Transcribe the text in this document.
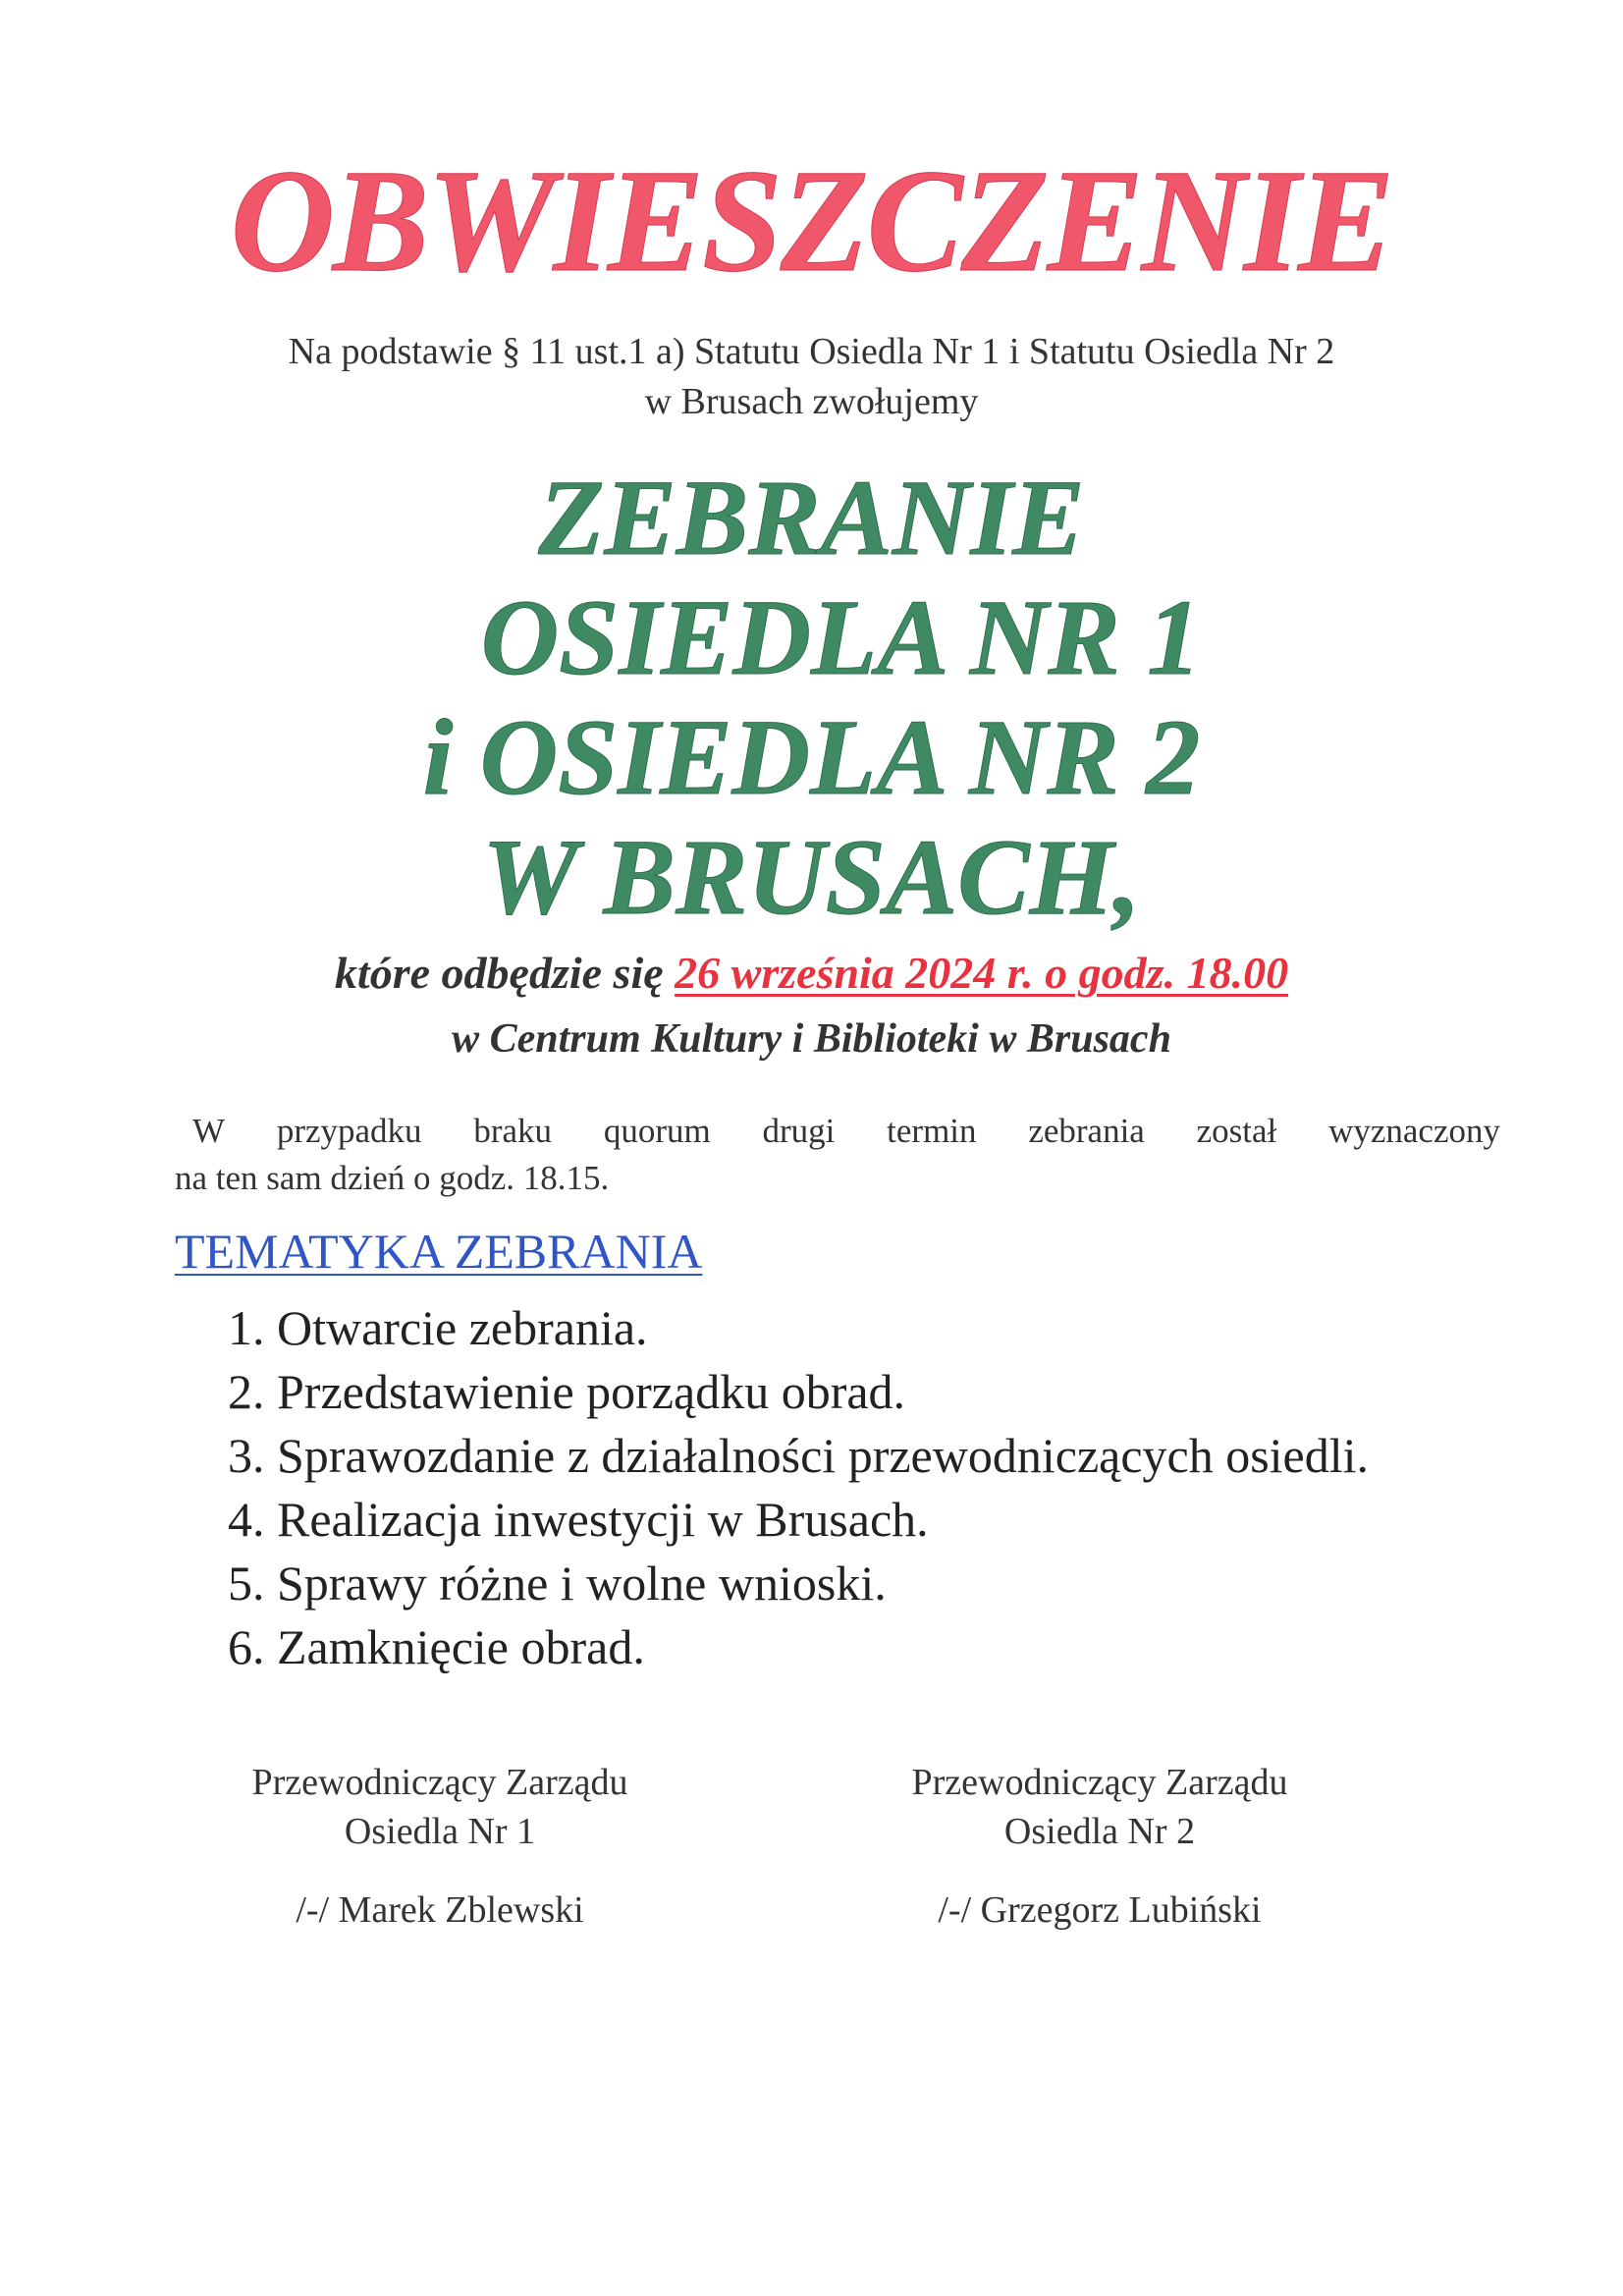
OBWIESZCZENIE
Na podstawie § 11 ust.1 a) Statutu Osiedla Nr 1 i Statutu Osiedla Nr 2
w Brusach zwołujemy
ZEBRANIE
OSIEDLA NR 1
i OSIEDLA NR 2
W BRUSACH,
które odbędzie się 26 września 2024 r. o godz. 18.00
w Centrum Kultury i Biblioteki w Brusach
W przypadku braku quorum drugi termin zebrania został wyznaczony
na ten sam dzień o godz. 18.15.
TEMATYKA ZEBRANIA
1. Otwarcie zebrania.
2. Przedstawienie porządku obrad.
3. Sprawozdanie z działalności przewodniczących osiedli.
4. Realizacja inwestycji w Brusach.
5. Sprawy różne i wolne wnioski.
6. Zamknięcie obrad.
Przewodniczący Zarządu
Osiedla Nr 1
/-/ Marek Zblewski
Przewodniczący Zarządu
Osiedla Nr 2
/-/ Grzegorz Lubiński
